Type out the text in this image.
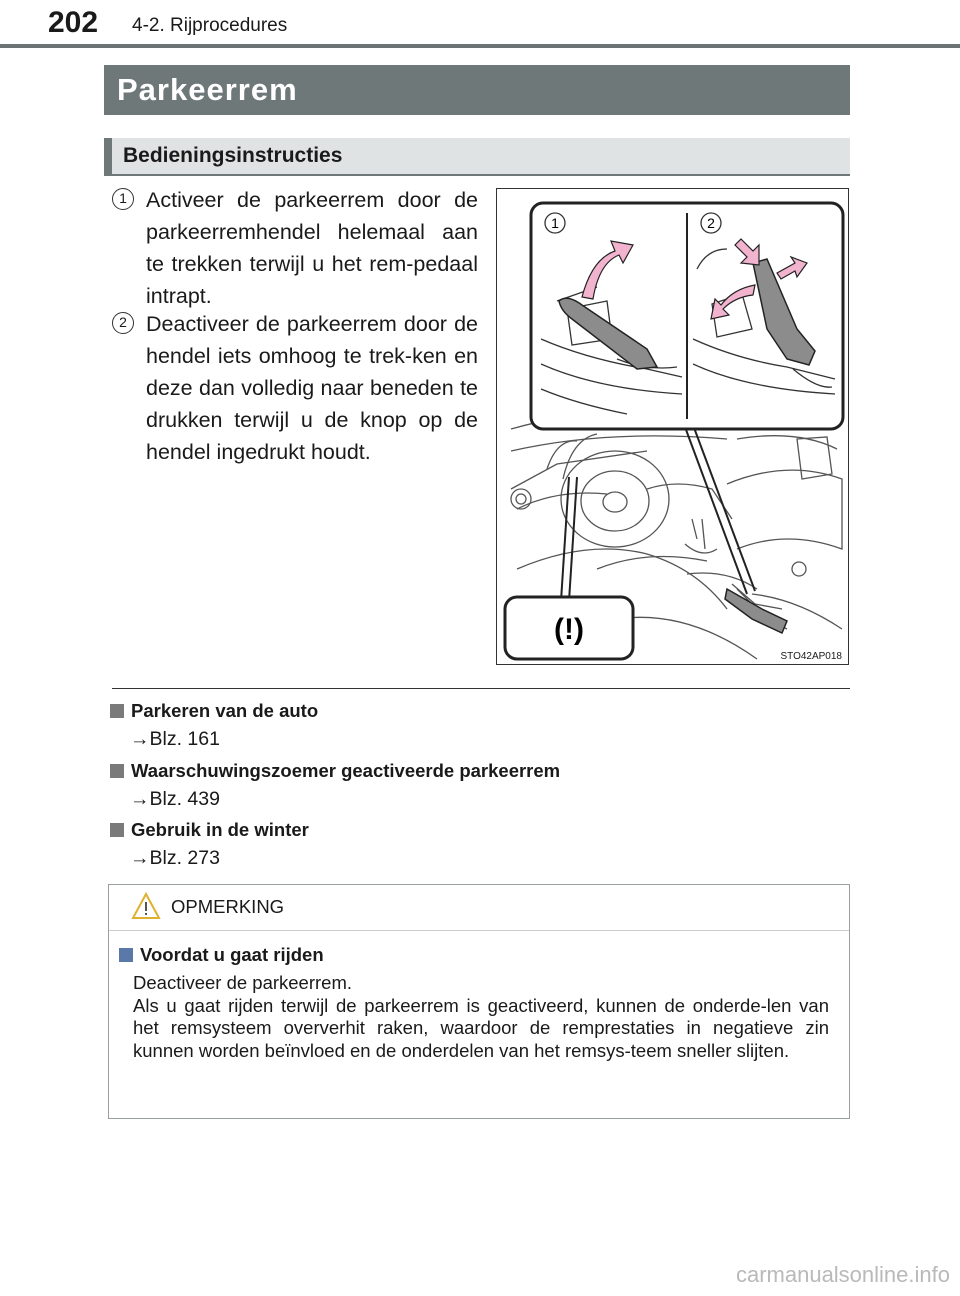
202 4-2. Rijprocedures
Parkeerrem
Bedieningsinstructies
1 Activeer de parkeerrem door de parkeerremhendel helemaal aan te trekken terwijl u het rem-pedaal intrapt.
2 Deactiveer de parkeerrem door de hendel iets omhoog te trek-ken en deze dan volledig naar beneden te drukken terwijl u de knop op de hendel ingedrukt houdt.
1	2
(!)
STO42AP018
Parkeren van de auto
→Blz. 161
Waarschuwingszoemer geactiveerde parkeerrem
→Blz. 439
Gebruik in de winter
→Blz. 273
OPMERKING
Voordat u gaat rijden

Deactiveer de parkeerrem.

Als u gaat rijden terwijl de parkeerrem is geactiveerd, kunnen de onderde-len van het remsysteem oververhit raken, waardoor de remprestaties in negatieve zin kunnen worden beïnvloed en de onderdelen van het remsys-teem sneller slijten.

carmanualsonline.info
